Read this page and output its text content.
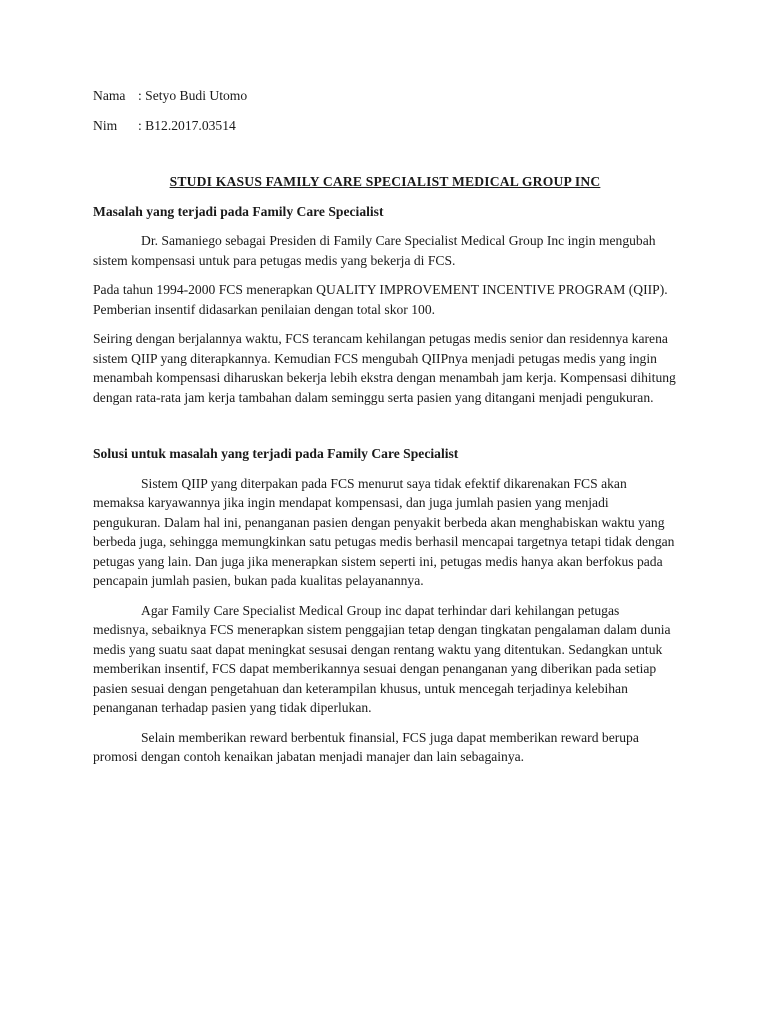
Nama : Setyo Budi Utomo
Nim	: B12.2017.03514
STUDI KASUS FAMILY CARE SPECIALIST MEDICAL GROUP INC
Masalah yang terjadi pada Family Care Specialist

Dr. Samaniego sebagai Presiden di Family Care Specialist Medical Group Inc ingin mengubah sistem kompensasi untuk para petugas medis yang bekerja di FCS.

Pada tahun 1994-2000 FCS menerapkan QUALITY IMPROVEMENT INCENTIVE PROGRAM (QIIP). Pemberian insentif didasarkan penilaian dengan total skor 100.

Seiring dengan berjalannya waktu, FCS terancam kehilangan petugas medis senior dan residennya karena sistem QIIP yang diterapkannya. Kemudian FCS mengubah QIIPnya menjadi petugas medis yang ingin menambah kompensasi diharuskan bekerja lebih ekstra dengan menambah jam kerja. Kompensasi dihitung dengan rata-rata jam kerja tambahan dalam seminggu serta pasien yang ditangani menjadi pengukuran.

Solusi untuk masalah yang terjadi pada Family Care Specialist

Sistem QIIP yang diterpakan pada FCS menurut saya tidak efektif dikarenakan FCS akan memaksa karyawannya jika ingin mendapat kompensasi, dan juga jumlah pasien yang menjadi pengukuran. Dalam hal ini, penanganan pasien dengan penyakit berbeda akan menghabiskan waktu yang berbeda juga, sehingga memungkinkan satu petugas medis berhasil mencapai targetnya tetapi tidak dengan petugas yang lain. Dan juga jika menerapkan sistem seperti ini, petugas medis hanya akan berfokus pada pencapain jumlah pasien, bukan pada kualitas pelayanannya.

Agar Family Care Specialist Medical Group inc dapat terhindar dari kehilangan petugas medisnya, sebaiknya FCS menerapkan sistem penggajian tetap dengan tingkatan pengalaman dalam dunia medis yang suatu saat dapat meningkat sesusai dengan rentang waktu yang ditentukan. Sedangkan untuk memberikan insentif, FCS dapat memberikannya sesuai dengan penanganan yang diberikan pada setiap pasien sesuai dengan pengetahuan dan keterampilan khusus, untuk mencegah terjadinya kelebihan penanganan terhadap pasien yang tidak diperlukan.

Selain memberikan reward berbentuk finansial, FCS juga dapat memberikan reward berupa promosi dengan contoh kenaikan jabatan menjadi manajer dan lain sebagainya.
